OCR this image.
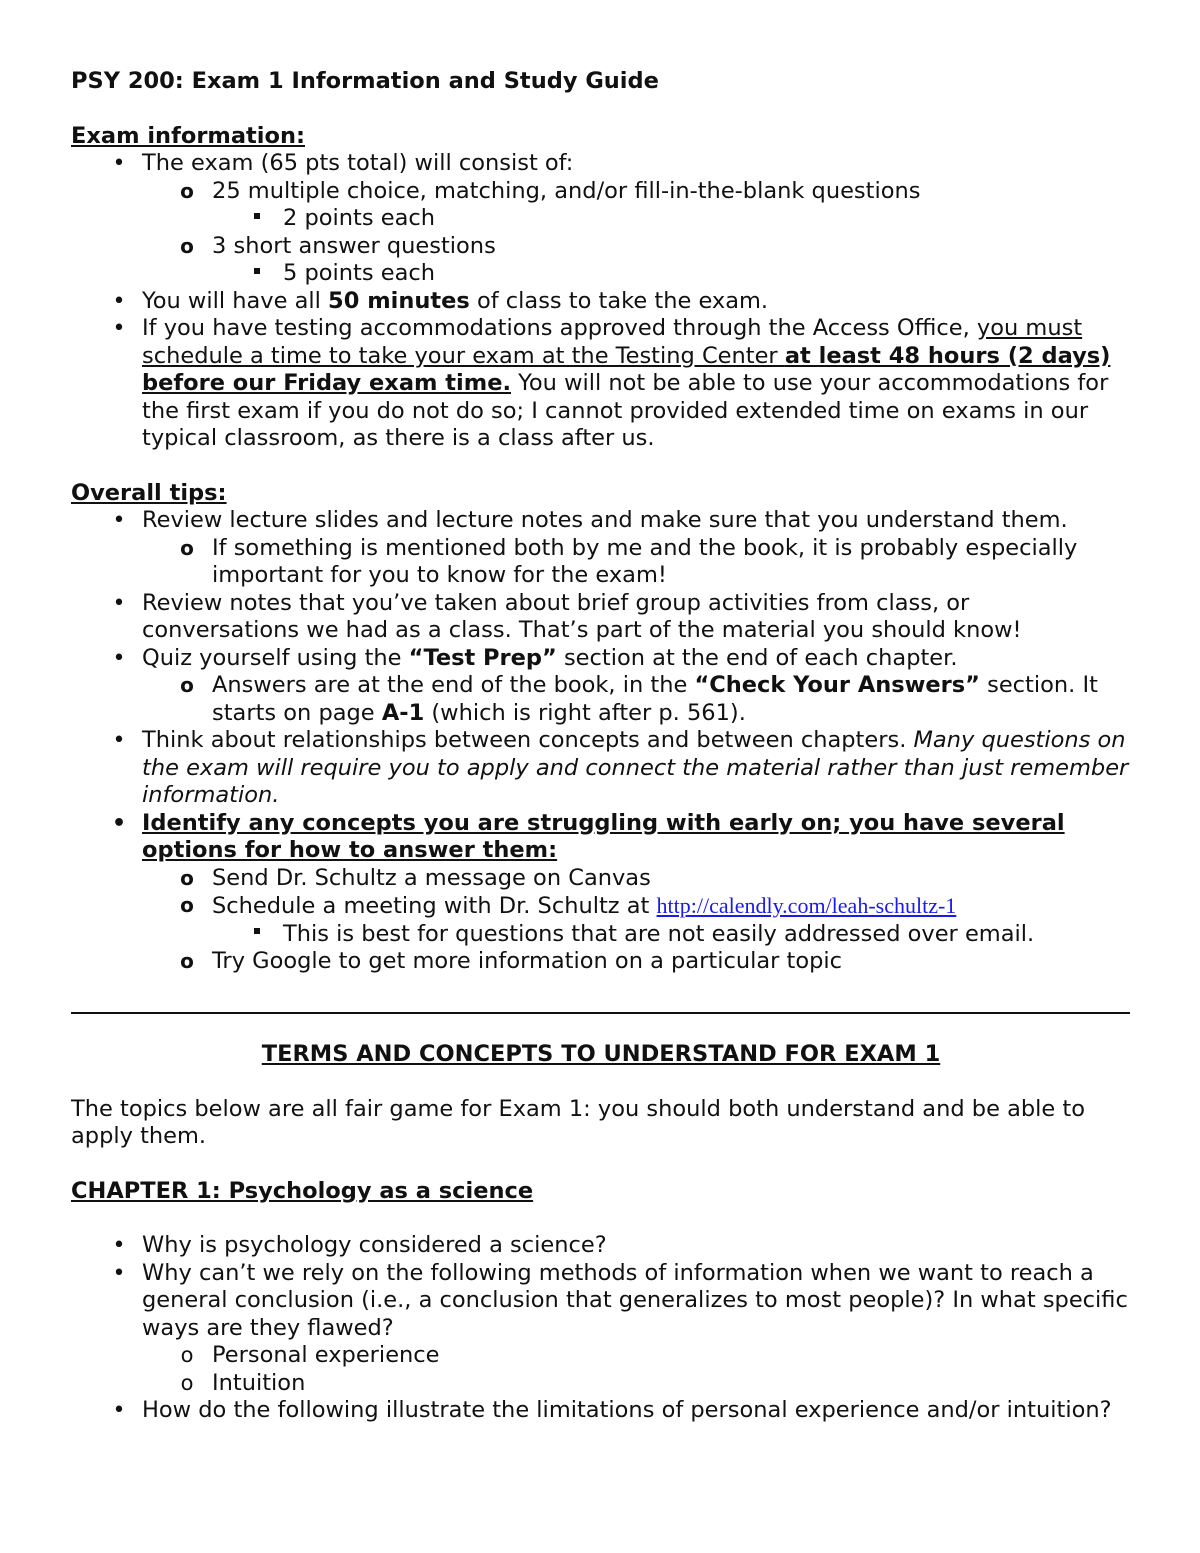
PSY 200: Exam 1 Information and Study Guide

Exam information:

•
The exam (65 pts total) will consist of:
o
25 multiple choice, matching, and/or fill-in-the-blank questions
2 points each
o
3 short answer questions
5 points each
•
You will have all 50 minutes of class to take the exam.
•
If you have testing accommodations approved through the Access Office, you must schedule a time to take your exam at the Testing Center at least 48 hours (2 days) before our Friday exam time. You will not be able to use your accommodations for the first exam if you do not do so; I cannot provided extended time on exams in our typical classroom, as there is a class after us.

Overall tips:

•
Review lecture slides and lecture notes and make sure that you understand them.
o
If something is mentioned both by me and the book, it is probably especially important for you to know for the exam!
•
Review notes that you’ve taken about brief group activities from class, or conversations we had as a class. That’s part of the material you should know!
•
Quiz yourself using the “Test Prep” section at the end of each chapter.
o
Answers are at the end of the book, in the “Check Your Answers” section. It starts on page A-1 (which is right after p. 561).
•
Think about relationships between concepts and between chapters. Many questions on the exam will require you to apply and connect the material rather than just remember information.
•
Identify any concepts you are struggling with early on; you have several options for how to answer them:
o
Send Dr. Schultz a message on Canvas
o
Schedule a meeting with Dr. Schultz at http://calendly.com/leah-schultz-1
This is best for questions that are not easily addressed over email.
o
Try Google to get more information on a particular topic

TERMS AND CONCEPTS TO UNDERSTAND FOR EXAM 1

The topics below are all fair game for Exam 1: you should both understand and be able to apply them.

CHAPTER 1: Psychology as a science

•
Why is psychology considered a science?
•
Why can’t we rely on the following methods of information when we want to reach a general conclusion (i.e., a conclusion that generalizes to most people)? In what specific ways are they flawed?
o
Personal experience
o
Intuition
•
How do the following illustrate the limitations of personal experience and/or intuition?
